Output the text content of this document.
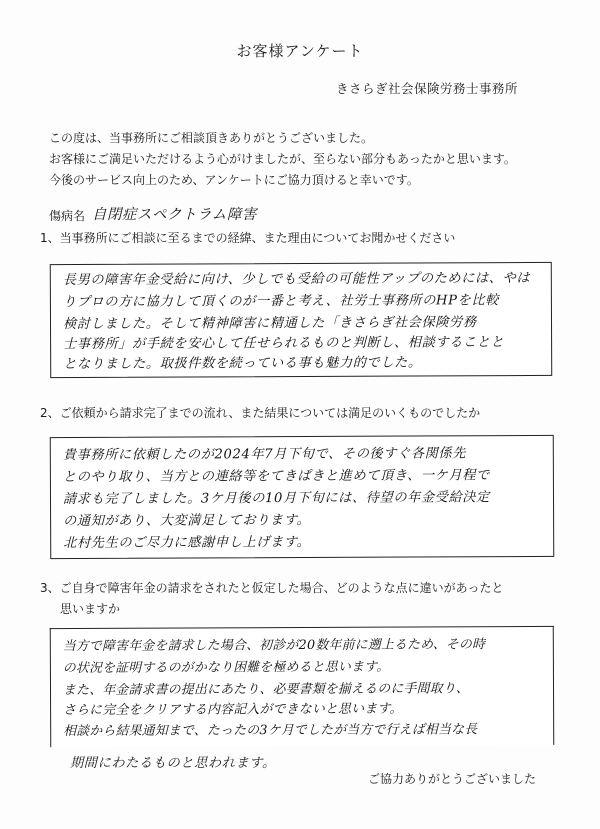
お客様アンケート
きさらぎ社会保険労務士事務所
この度は、当事務所にご相談頂きありがとうございました。
お客様にご満足いただけるよう心がけましたが、至らない部分もあったかと思います。
今後のサービス向上のため、アンケートにご協力頂けると幸いです。
傷病名 自閉症スペクトラム障害
1、当事務所にご相談に至るまでの経緯、また理由についてお聞かせください
長男の障害年金受給に向け、少しでも受給の可能性アップのためには、やは
りプロの方に協力して頂くのが一番と考え、社労士事務所のHPを比較
検討しました。そして精神障害に精通した「きさらぎ社会保険労務
士事務所」が手続を安心して任せられるものと判断し、相談することと
となりました。取扱件数を続っている事も魅力的でした。
2、ご依頼から請求完了までの流れ、また結果については満足のいくものでしたか
貴事務所に依頼したのが2024年7月下旬で、その後すぐ各関係先
とのやり取り、当方との連絡等をてきぱきと進めて頂き、一ケ月程で
請求も完了しました。3ケ月後の10月下旬には、待望の年金受給決定
の通知があり、大変満足しております。
北村先生のご尽力に感謝申し上げます。
3、ご自身で障害年金の請求をされたと仮定した場合、どのような点に違いがあったと
思いますか
当方で障害年金を請求した場合、初診が20数年前に遡上るため、その時
の状況を証明するのがかなり困難を極めると思います。
また、年金請求書の提出にあたり、必要書類を揃えるのに手間取り、
さらに完全をクリアする内容記入ができないと思います。
相談から結果通知まで、たったの3ケ月でしたが当方で行えば相当な長
期間にわたるものと思われます。
ご協力ありがとうございました
